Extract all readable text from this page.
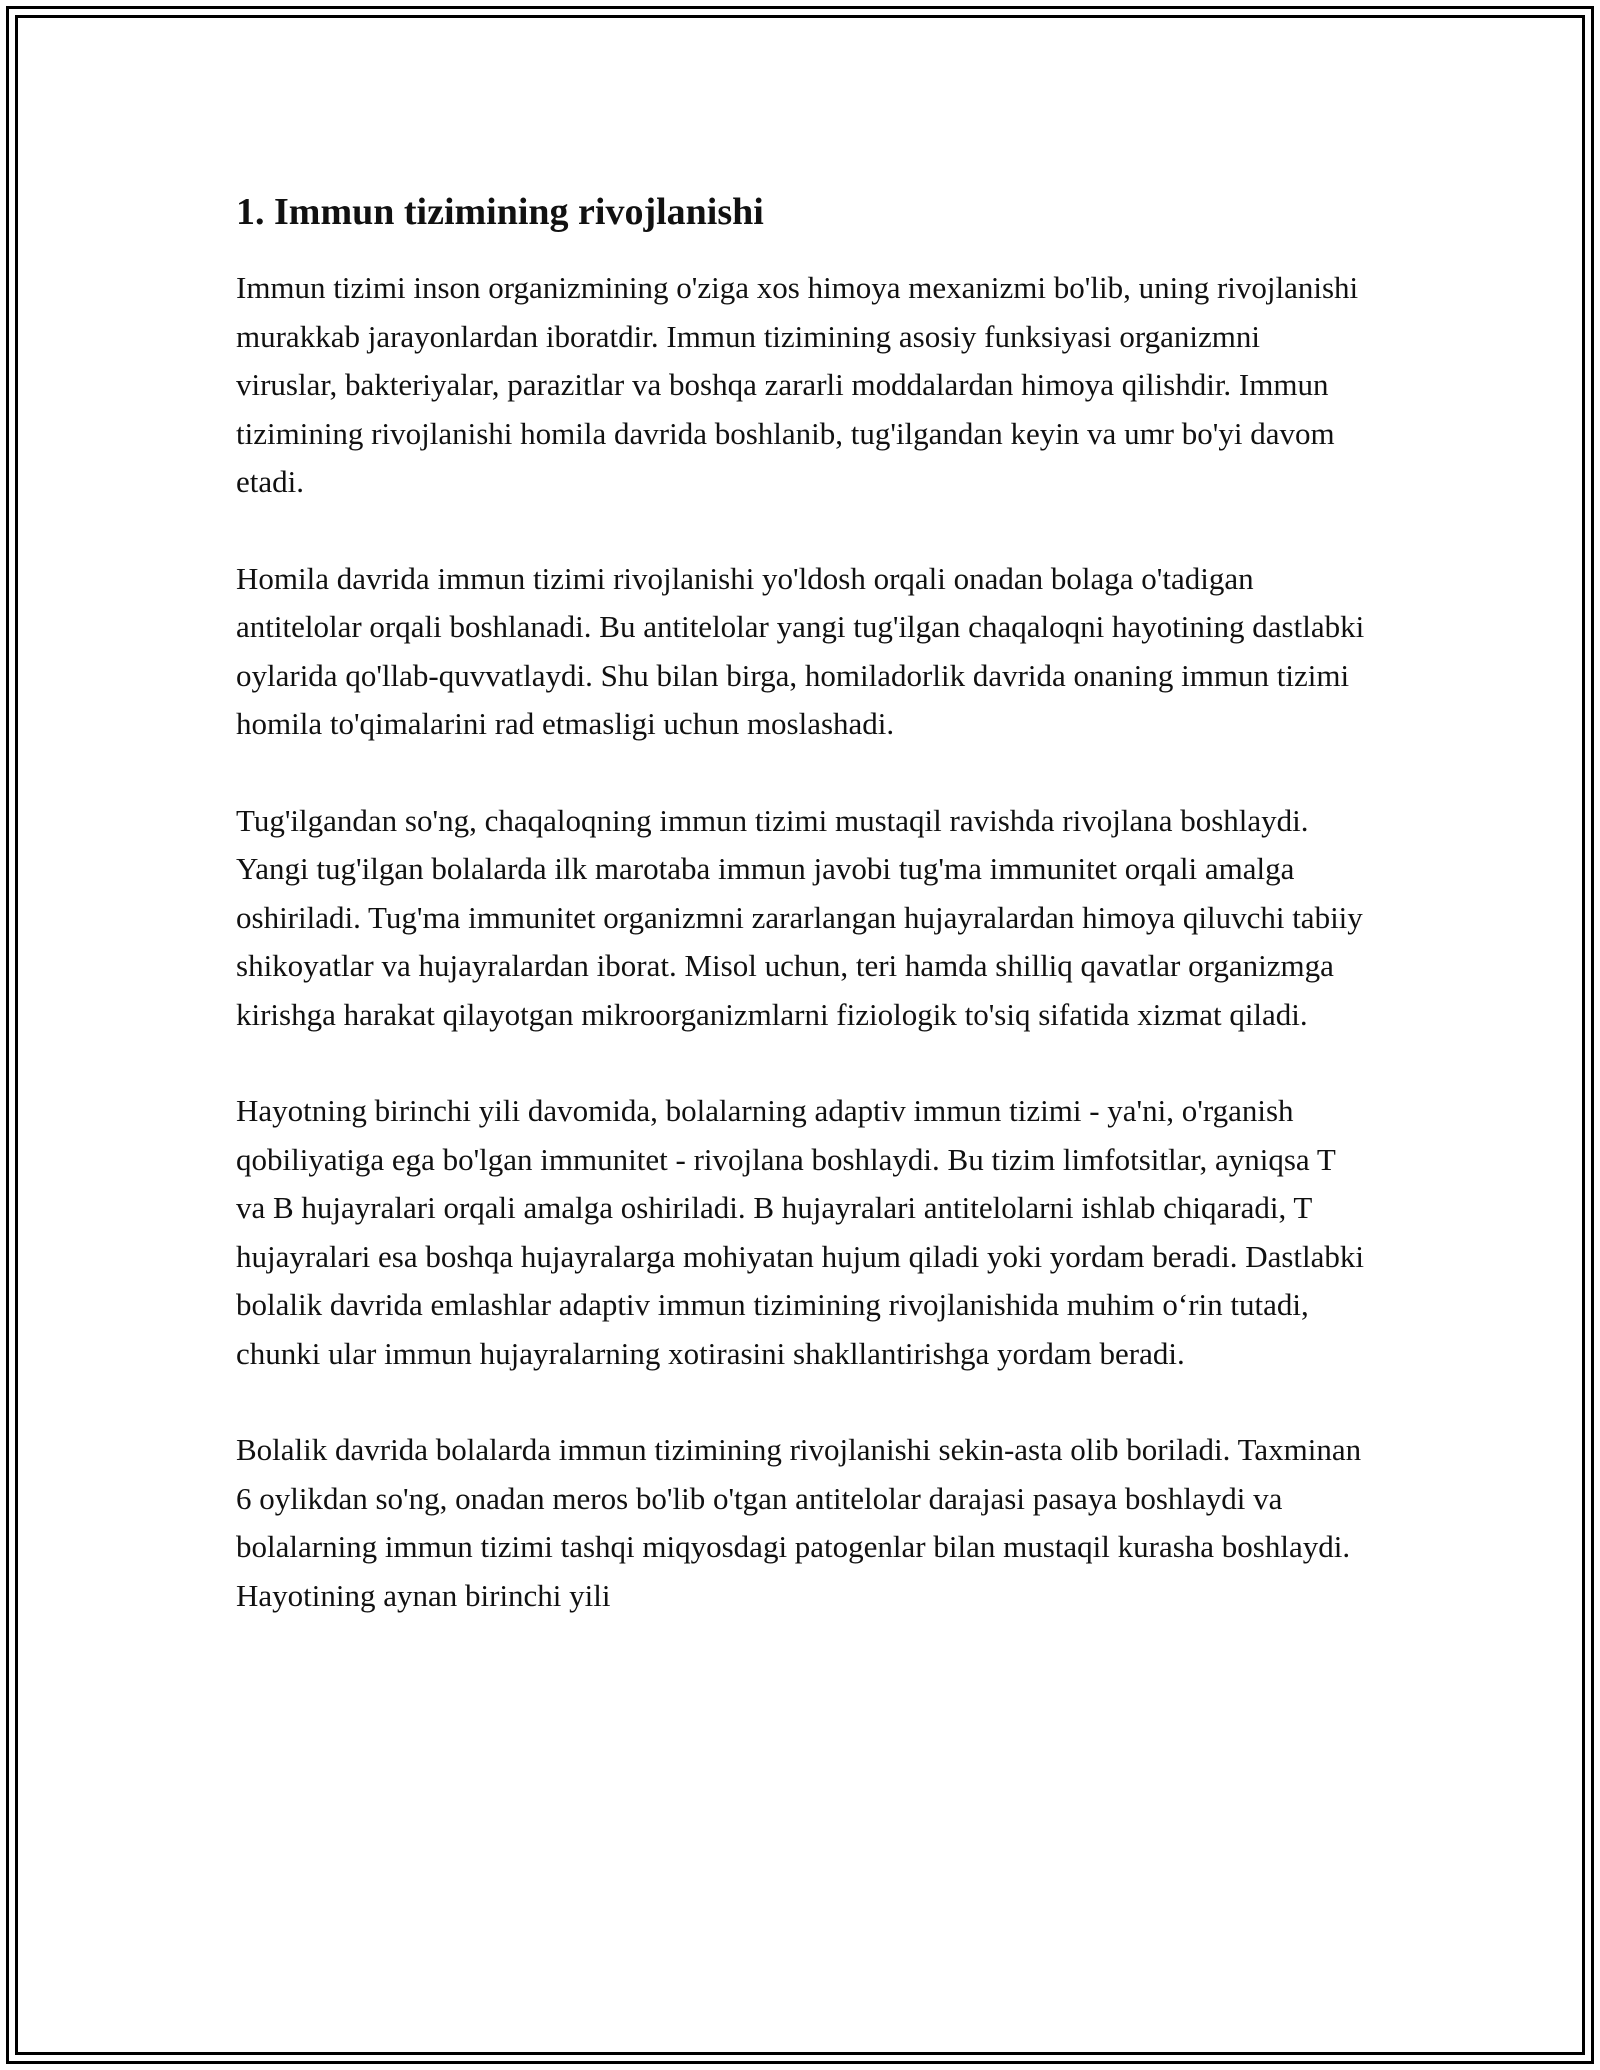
1. Immun tizimining rivojlanishi

Immun tizimi inson organizmining o'ziga xos himoya mexanizmi bo'lib, uning rivojlanishi murakkab jarayonlardan iboratdir. Immun tizimining asosiy funksiyasi organizmni viruslar, bakteriyalar, parazitlar va boshqa zararli moddalardan himoya qilishdir. Immun tizimining rivojlanishi homila davrida boshlanib, tug'ilgandan keyin va umr bo'yi davom etadi.

Homila davrida immun tizimi rivojlanishi yo'ldosh orqali onadan bolaga o'tadigan antitelolar orqali boshlanadi. Bu antitelolar yangi tug'ilgan chaqaloqni hayotining dastlabki oylarida qo'llab-quvvatlaydi. Shu bilan birga, homiladorlik davrida onaning immun tizimi homila to'qimalarini rad etmasligi uchun moslashadi.

Tug'ilgandan so'ng, chaqaloqning immun tizimi mustaqil ravishda rivojlana boshlaydi. Yangi tug'ilgan bolalarda ilk marotaba immun javobi tug'ma immunitet orqali amalga oshiriladi. Tug'ma immunitet organizmni zararlangan hujayralardan himoya qiluvchi tabiiy shikoyatlar va hujayralardan iborat. Misol uchun, teri hamda shilliq qavatlar organizmga kirishga harakat qilayotgan mikroorganizmlarni fiziologik to'siq sifatida xizmat qiladi.

Hayotning birinchi yili davomida, bolalarning adaptiv immun tizimi - ya'ni, o'rganish qobiliyatiga ega bo'lgan immunitet - rivojlana boshlaydi. Bu tizim limfotsitlar, ayniqsa T va B hujayralari orqali amalga oshiriladi. B hujayralari antitelolarni ishlab chiqaradi, T hujayralari esa boshqa hujayralarga mohiyatan hujum qiladi yoki yordam beradi. Dastlabki bolalik davrida emlashlar adaptiv immun tizimining rivojlanishida muhim o‘rin tutadi, chunki ular immun hujayralarning xotirasini shakllantirishga yordam beradi.

Bolalik davrida bolalarda immun tizimining rivojlanishi sekin-asta olib boriladi. Taxminan 6 oylikdan so'ng, onadan meros bo'lib o'tgan antitelolar darajasi pasaya boshlaydi va bolalarning immun tizimi tashqi miqyosdagi patogenlar bilan mustaqil kurasha boshlaydi. Hayotining aynan birinchi yili
